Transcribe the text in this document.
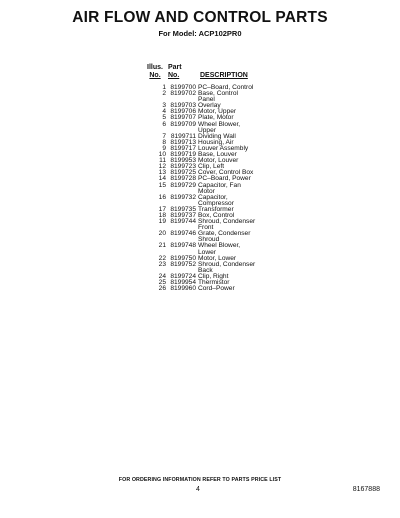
AIR FLOW AND CONTROL PARTS
For Model: ACP102PR0
Illus.
No.
Part
No.	DESCRIPTION

1 8199700 PC–Board, Control
2 8199702 Base, Control
Panel
3 8199703 Overlay
4 8199706 Motor, Upper
5 8199707 Plate, Motor
6 8199709 Wheel Blower,
Upper
7 8199711 Dividing Wall
8 8199713 Housing, Air
9 8199717 Louver Assembly
10 8199719 Base, Louver
11 8199953 Motor, Louver
12 8199723 Clip, Left
13 8199725 Cover, Control Box
14 8199728 PC–Board, Power
15 8199729 Capacitor, Fan
Motor
16 8199732 Capacitor,
Compressor
17 8199735 Transformer
18 8199737 Box, Control
19 8199744 Shroud, Condenser
Front
20 8199746 Grate, Condenser
Shroud
21 8199748 Wheel Blower,
Lower
22 8199750 Motor, Lower
23 8199752 Shroud, Condenser
Back
24 8199724 Clip, Right
25 8199954 Thermistor
26 8199960 Cord–Power
FOR ORDERING INFORMATION REFER TO PARTS PRICE LIST
4	8167888
